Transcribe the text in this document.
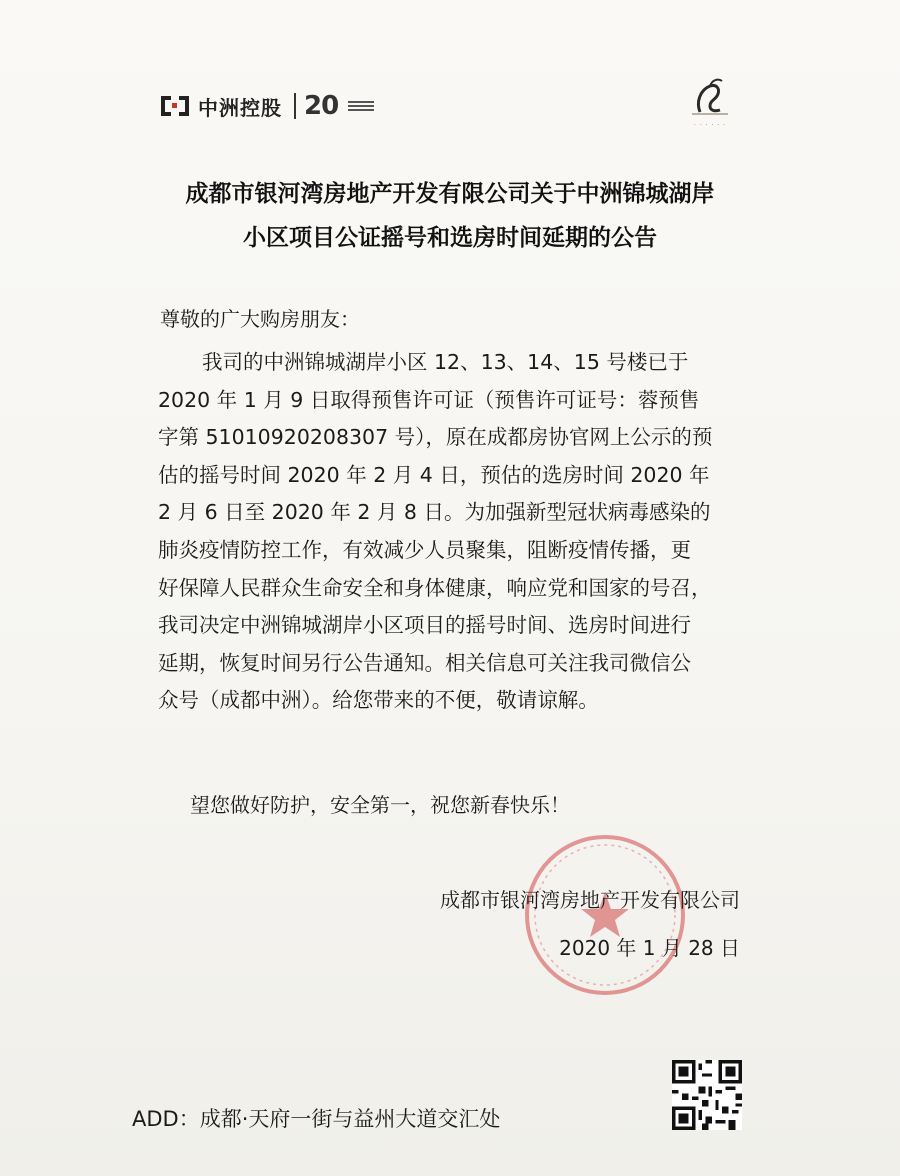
中洲控股 20
· · · · · ·
成都市银河湾房地产开发有限公司关于中洲锦城湖岸
小区项目公证摇号和选房时间延期的公告
尊敬的广大购房朋友：
我司的中洲锦城湖岸小区 12、13、14、15 号楼已于
2020 年 1 月 9 日取得预售许可证（预售许可证号：蓉预售
字第 51010920208307 号），原在成都房协官网上公示的预
估的摇号时间 2020 年 2 月 4 日，预估的选房时间 2020 年
2 月 6 日至 2020 年 2 月 8 日。为加强新型冠状病毒感染的
肺炎疫情防控工作，有效减少人员聚集，阻断疫情传播，更
好保障人民群众生命安全和身体健康，响应党和国家的号召，
我司决定中洲锦城湖岸小区项目的摇号时间、选房时间进行
延期，恢复时间另行公告通知。相关信息可关注我司微信公
众号（成都中洲）。给您带来的不便，敬请谅解。
望您做好防护，安全第一，祝您新春快乐！
成都市银河湾房地产开发有限公司
2020 年 1 月 28 日
ADD：成都·天府一街与益州大道交汇处
